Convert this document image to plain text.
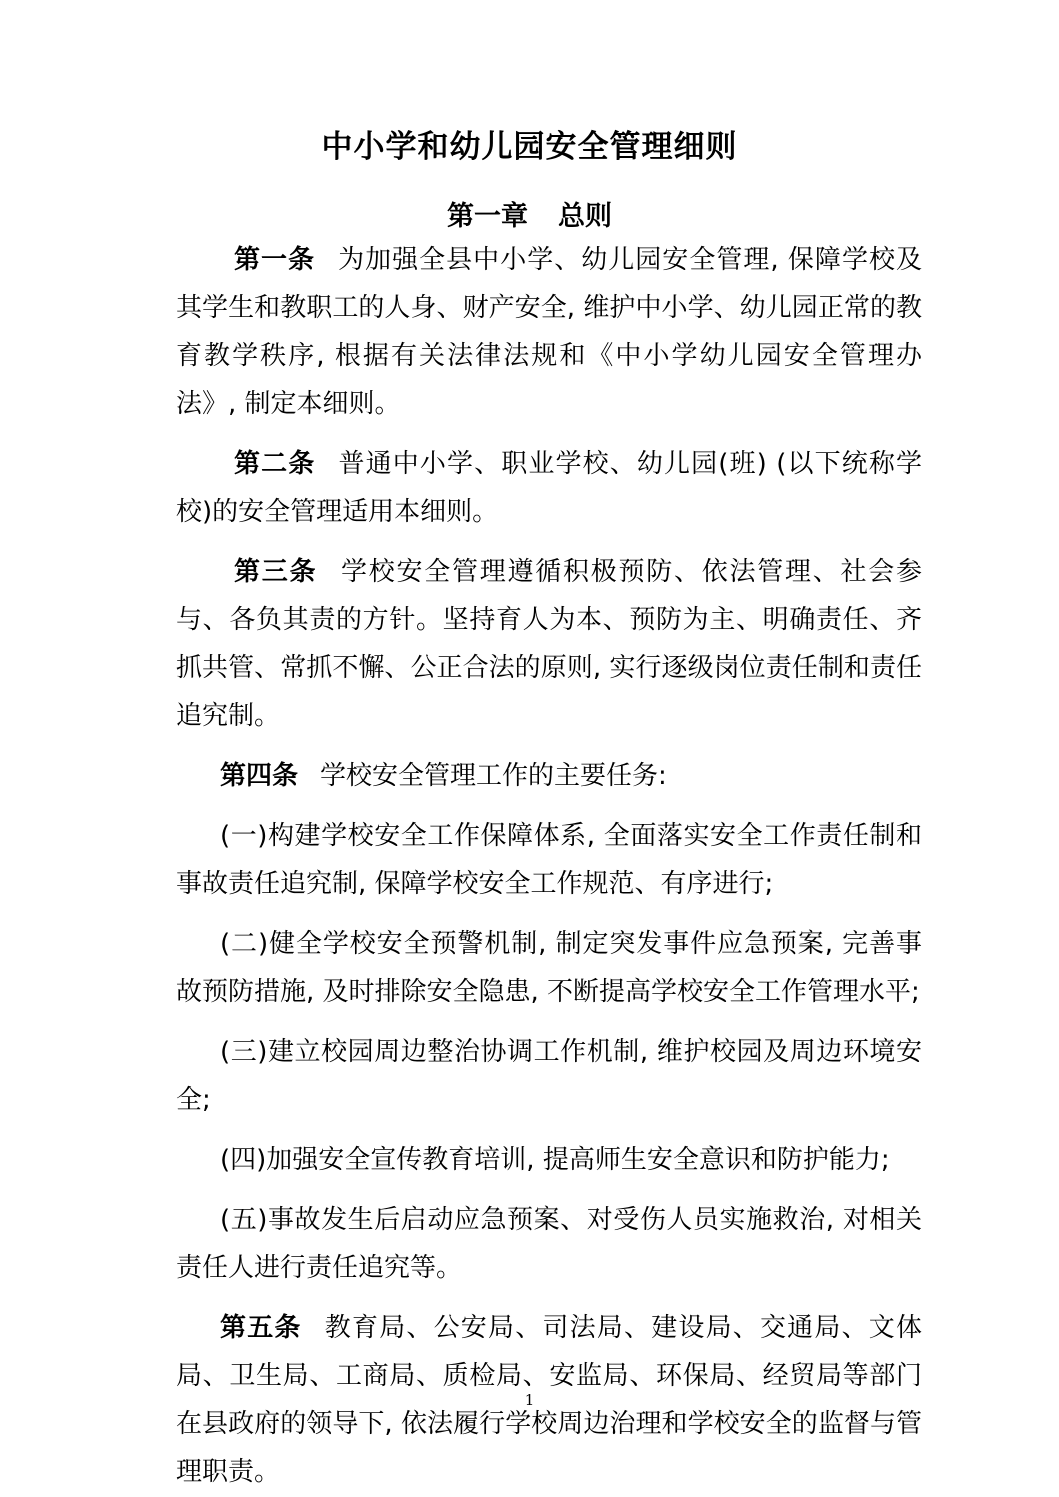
中小学和幼儿园安全管理细则
第一章 总则

第一条 为加强全县中小学、幼儿园安全管理, 保障学校及其学生和教职工的人身、财产安全, 维护中小学、幼儿园正常的教育教学秩序, 根据有关法律法规和《中小学幼儿园安全管理办法》, 制定本细则。

第二条 普通中小学、职业学校、幼儿园(班) (以下统称学校)的安全管理适用本细则。

第三条 学校安全管理遵循积极预防、依法管理、社会参与、各负其责的方针。坚持育人为本、预防为主、明确责任、齐抓共管、常抓不懈、公正合法的原则, 实行逐级岗位责任制和责任追究制。

第四条 学校安全管理工作的主要任务:

(一)构建学校安全工作保障体系, 全面落实安全工作责任制和事故责任追究制, 保障学校安全工作规范、有序进行;

(二)健全学校安全预警机制, 制定突发事件应急预案, 完善事故预防措施, 及时排除安全隐患, 不断提高学校安全工作管理水平;

(三)建立校园周边整治协调工作机制, 维护校园及周边环境安全;

(四)加强安全宣传教育培训, 提高师生安全意识和防护能力;

(五)事故发生后启动应急预案、对受伤人员实施救治, 对相关责任人进行责任追究等。

第五条 教育局、公安局、司法局、建设局、交通局、文体局、卫生局、工商局、质检局、安监局、环保局、经贸局等部门在县政府的领导下, 依法履行学校周边治理和学校安全的监督与管理职责。

1
